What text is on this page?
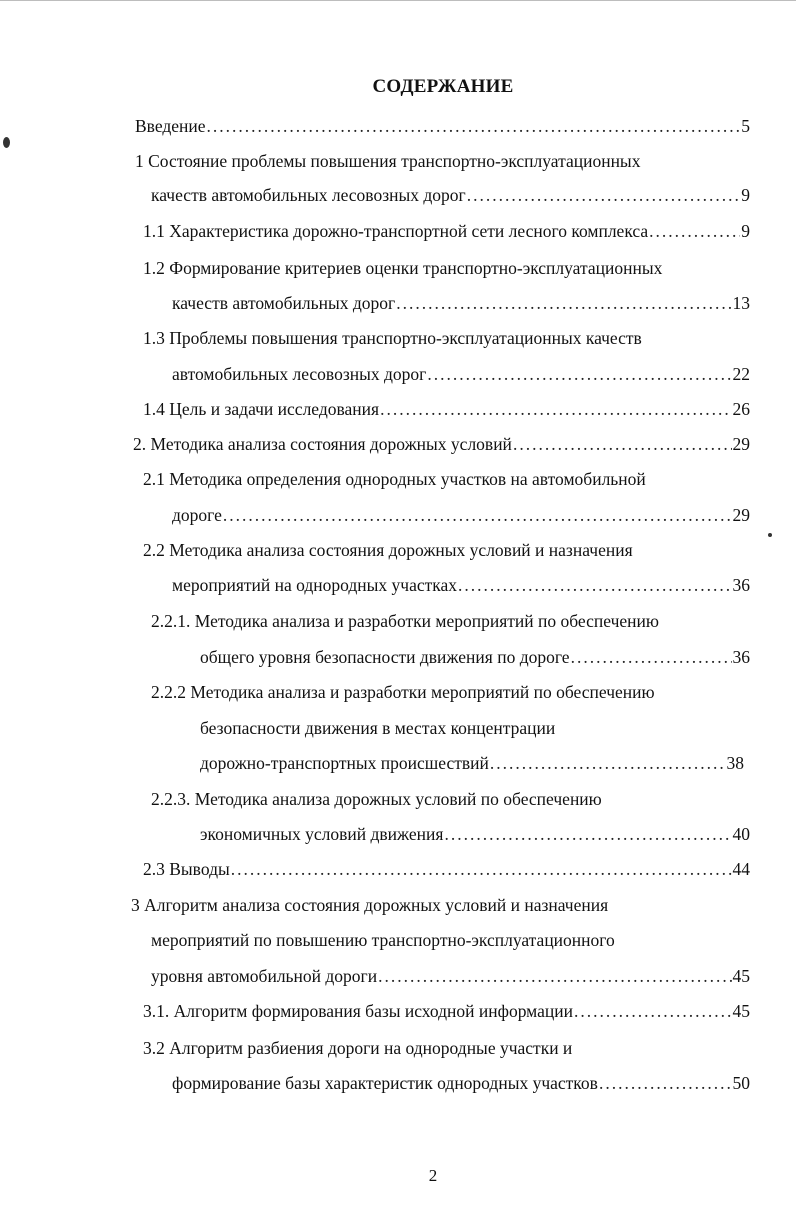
СОДЕРЖАНИЕ
Введение .....	5
1 Состояние проблемы повышения транспортно-эксплуатационных
качеств автомобильных лесовозных дорог .....	9
1.1 Характеристика дорожно-транспортной сети лесного комплекса .....	9
1.2 Формирование критериев оценки транспортно-эксплуатационных
качеств автомобильных дорог .....	13
1.3 Проблемы повышения транспортно-эксплуатационных качеств
автомобильных лесовозных дорог .....	22
1.4 Цель и задачи исследования .....	26
2. Методика анализа состояния дорожных условий .....	29
2.1 Методика определения однородных участков на автомобильной
дороге .....	29
2.2 Методика анализа состояния дорожных условий и назначения
мероприятий на однородных участках .....	36
2.2.1. Методика анализа и разработки мероприятий по обеспечению
общего уровня безопасности движения по дороге .....	36
2.2.2 Методика анализа и разработки мероприятий по обеспечению
безопасности движения в местах концентрации
дорожно-транспортных происшествий .....	38
2.2.3. Методика анализа дорожных условий по обеспечению
экономичных условий движения .....	40
2.3 Выводы .....	44
3 Алгоритм анализа состояния дорожных условий и назначения
мероприятий по повышению транспортно-эксплуатационного
уровня автомобильной дороги .....	45
3.1. Алгоритм формирования базы исходной информации .....	45
3.2 Алгоритм разбиения дороги на однородные участки и
формирование базы характеристик однородных участков .....	50
2
